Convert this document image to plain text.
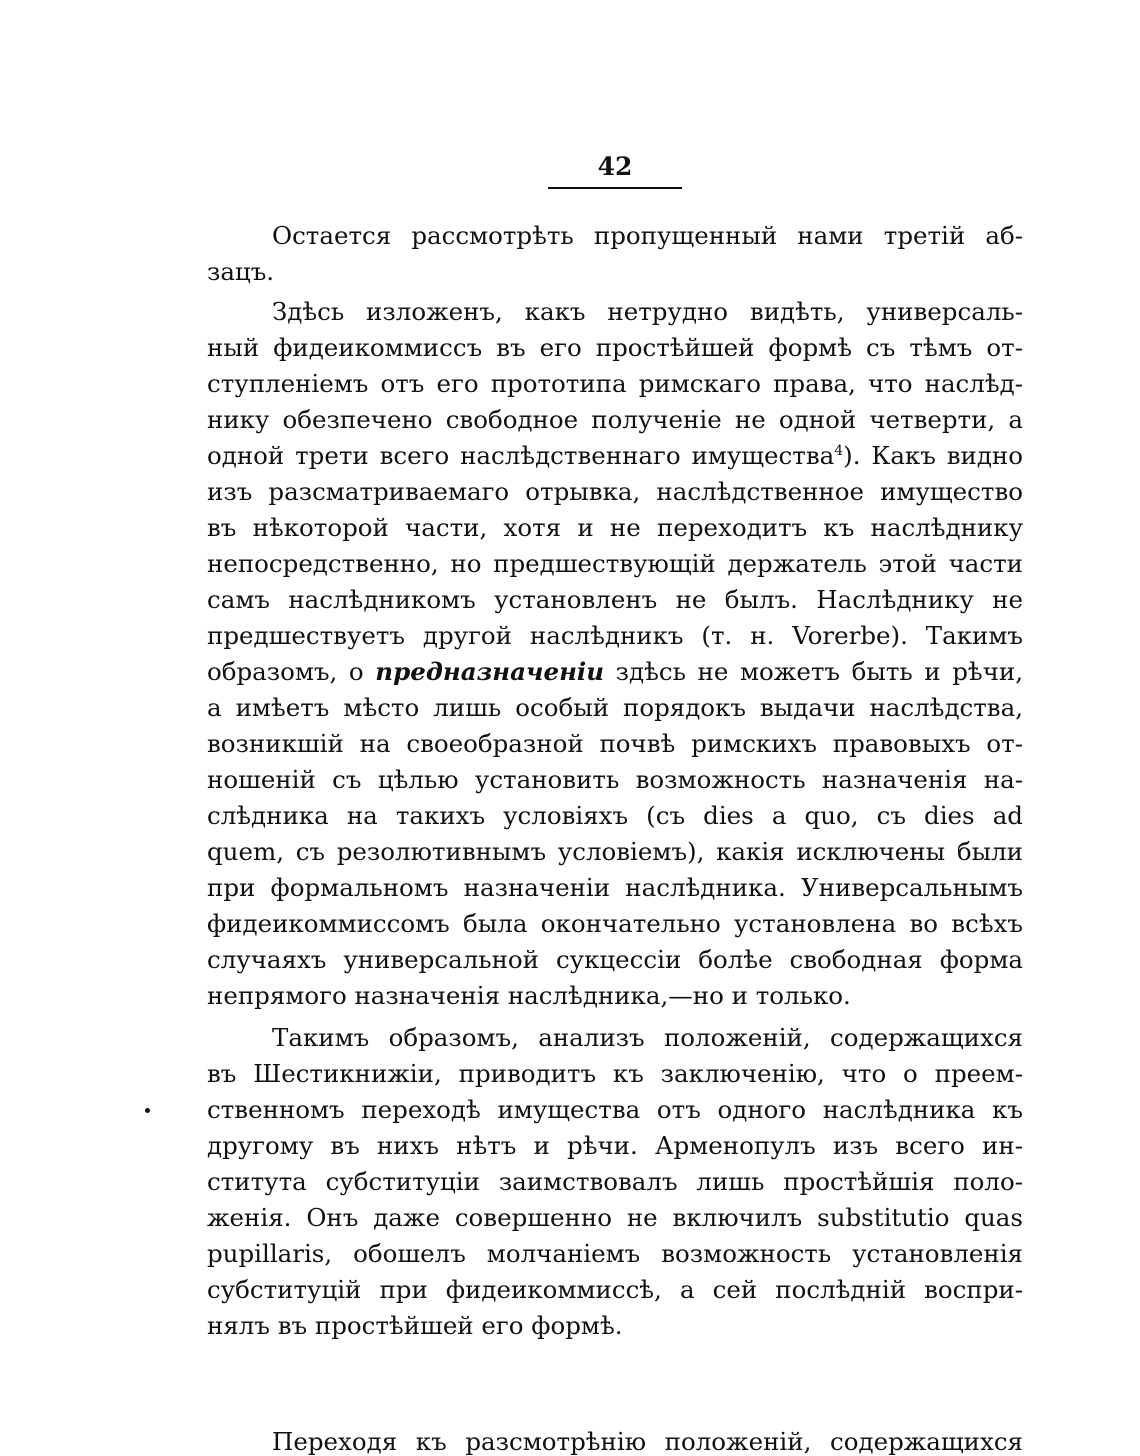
42
Остается рассмотрѣть пропущенный нами третій аб-
зацъ.
Здѣсь изложенъ, какъ нетрудно видѣть, универсаль-
ный фидеикоммиссъ въ его простѣйшей формѣ съ тѣмъ от-
ступленіемъ отъ его прототипа римскаго права, что наслѣд-
нику обезпечено свободное полученіе не одной четверти, а
одной трети всего наслѣдственнаго имущества$^4$). Какъ видно
изъ разсматриваемаго отрывка, наслѣдственное имущество
въ нѣкоторой части, хотя и не переходитъ къ наслѣднику
непосредственно, но предшествующій держатель этой части
самъ наслѣдникомъ установленъ не былъ. Наслѣднику не
предшествуетъ другой наслѣдникъ (т. н. Vorerbe). Такимъ
образомъ, о предназначеніи здѣсь не можетъ быть и рѣчи,
а имѣетъ мѣсто лишь особый порядокъ выдачи наслѣдства,
возникшій на своеобразной почвѣ римскихъ правовыхъ от-
ношеній съ цѣлью установить возможность назначенія на-
слѣдника на такихъ условіяхъ (съ dies a quo, съ dies ad
quem, съ резолютивнымъ условіемъ), какія исключены были
при формальномъ назначеніи наслѣдника. Универсальнымъ
фидеикоммиссомъ была окончательно установлена во всѣхъ
случаяхъ универсальной сукцессіи болѣе свободная форма
непрямого назначенія наслѣдника,—но и только.
Такимъ образомъ, анализъ положеній, содержащихся
въ Шестикнижіи, приводитъ къ заключенію, что о преем-
ственномъ переходѣ имущества отъ одного наслѣдника къ
другому въ нихъ нѣтъ и рѣчи. Арменопулъ изъ всего ин-
ститута субституціи заимствовалъ лишь простѣйшія поло-
женія. Онъ даже совершенно не включилъ substitutio quas
pupillaris, обошелъ молчаніемъ возможность установленія
субституцій при фидеикоммиссѣ, а сей послѣдній воспри-
нялъ въ простѣйшей его формѣ.
Переходя къ разсмотрѣнію положеній, содержащихся
